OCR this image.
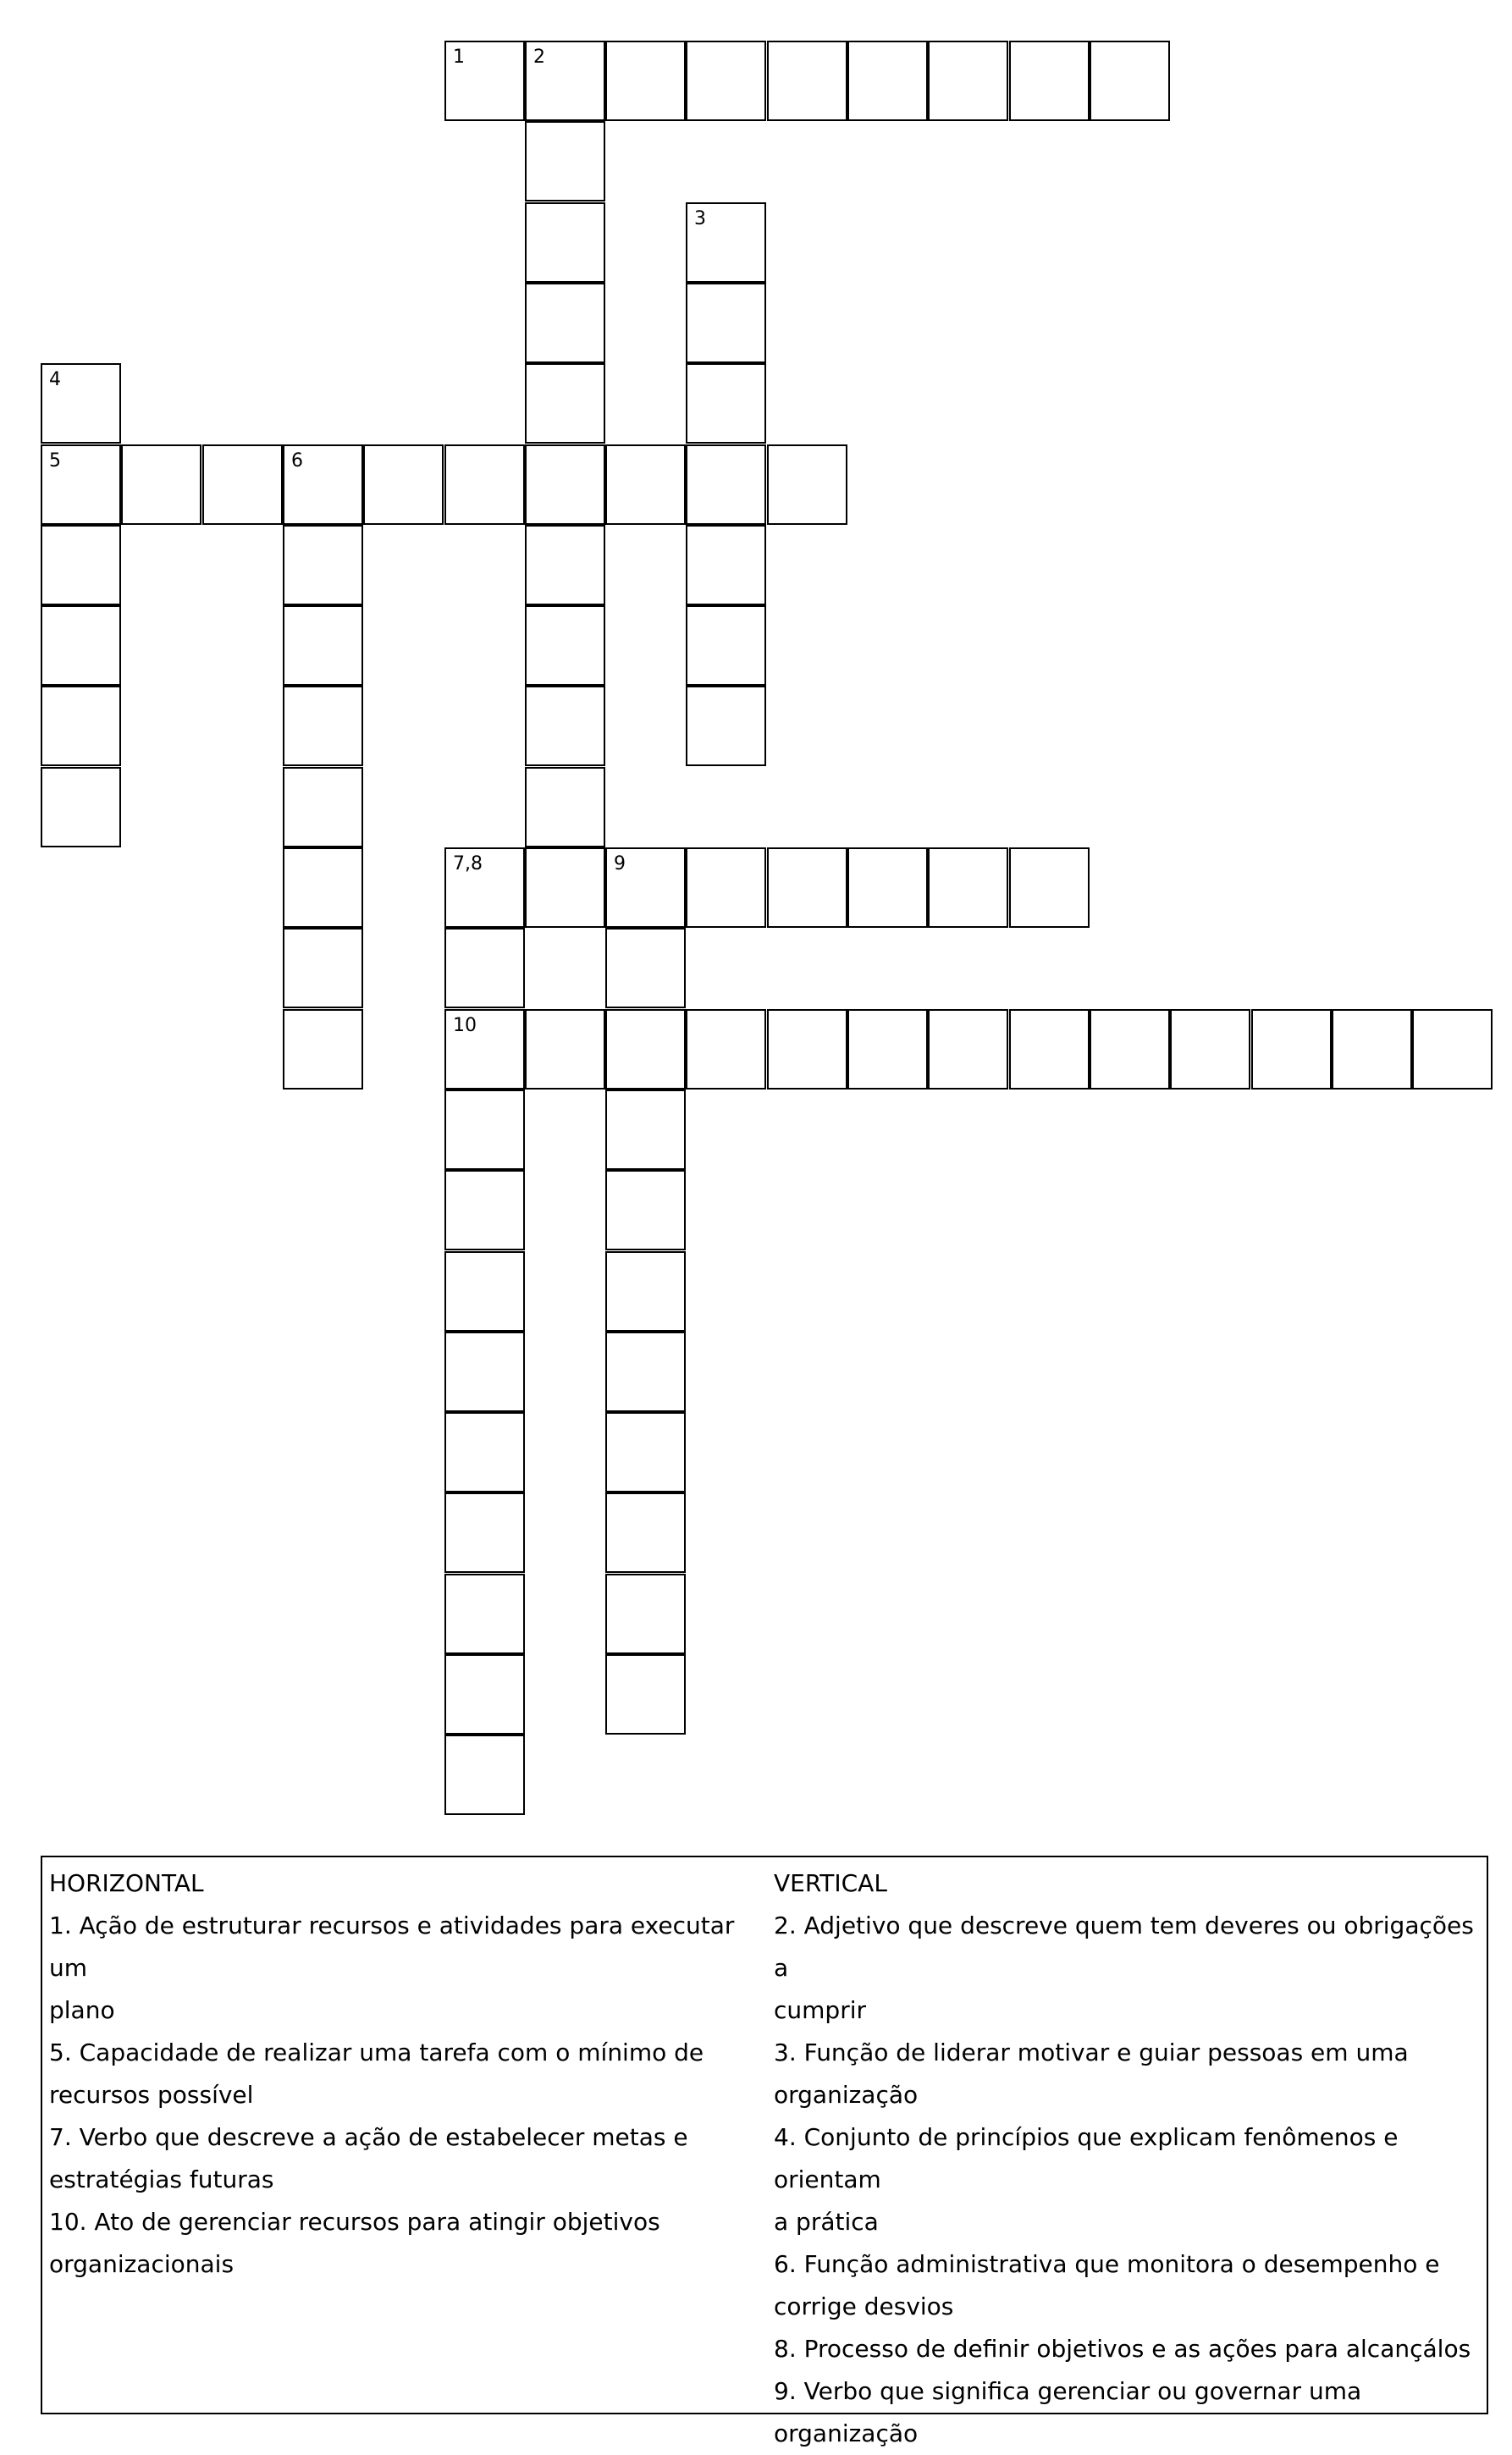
1	2
3
4
5	6
7,8	9
10
HORIZONTAL
1. Ação de estruturar recursos e atividades para executar um
plano
5. Capacidade de realizar uma tarefa com o mínimo de
recursos possível
7. Verbo que descreve a ação de estabelecer metas e
estratégias futuras
10. Ato de gerenciar recursos para atingir objetivos
organizacionais
VERTICAL
2. Adjetivo que descreve quem tem deveres ou obrigações a
cumprir
3. Função de liderar motivar e guiar pessoas em uma
organização
4. Conjunto de princípios que explicam fenômenos e orientam
a prática
6. Função administrativa que monitora o desempenho e
corrige desvios
8. Processo de definir objetivos e as ações para alcançálos
9. Verbo que significa gerenciar ou governar uma
organização
